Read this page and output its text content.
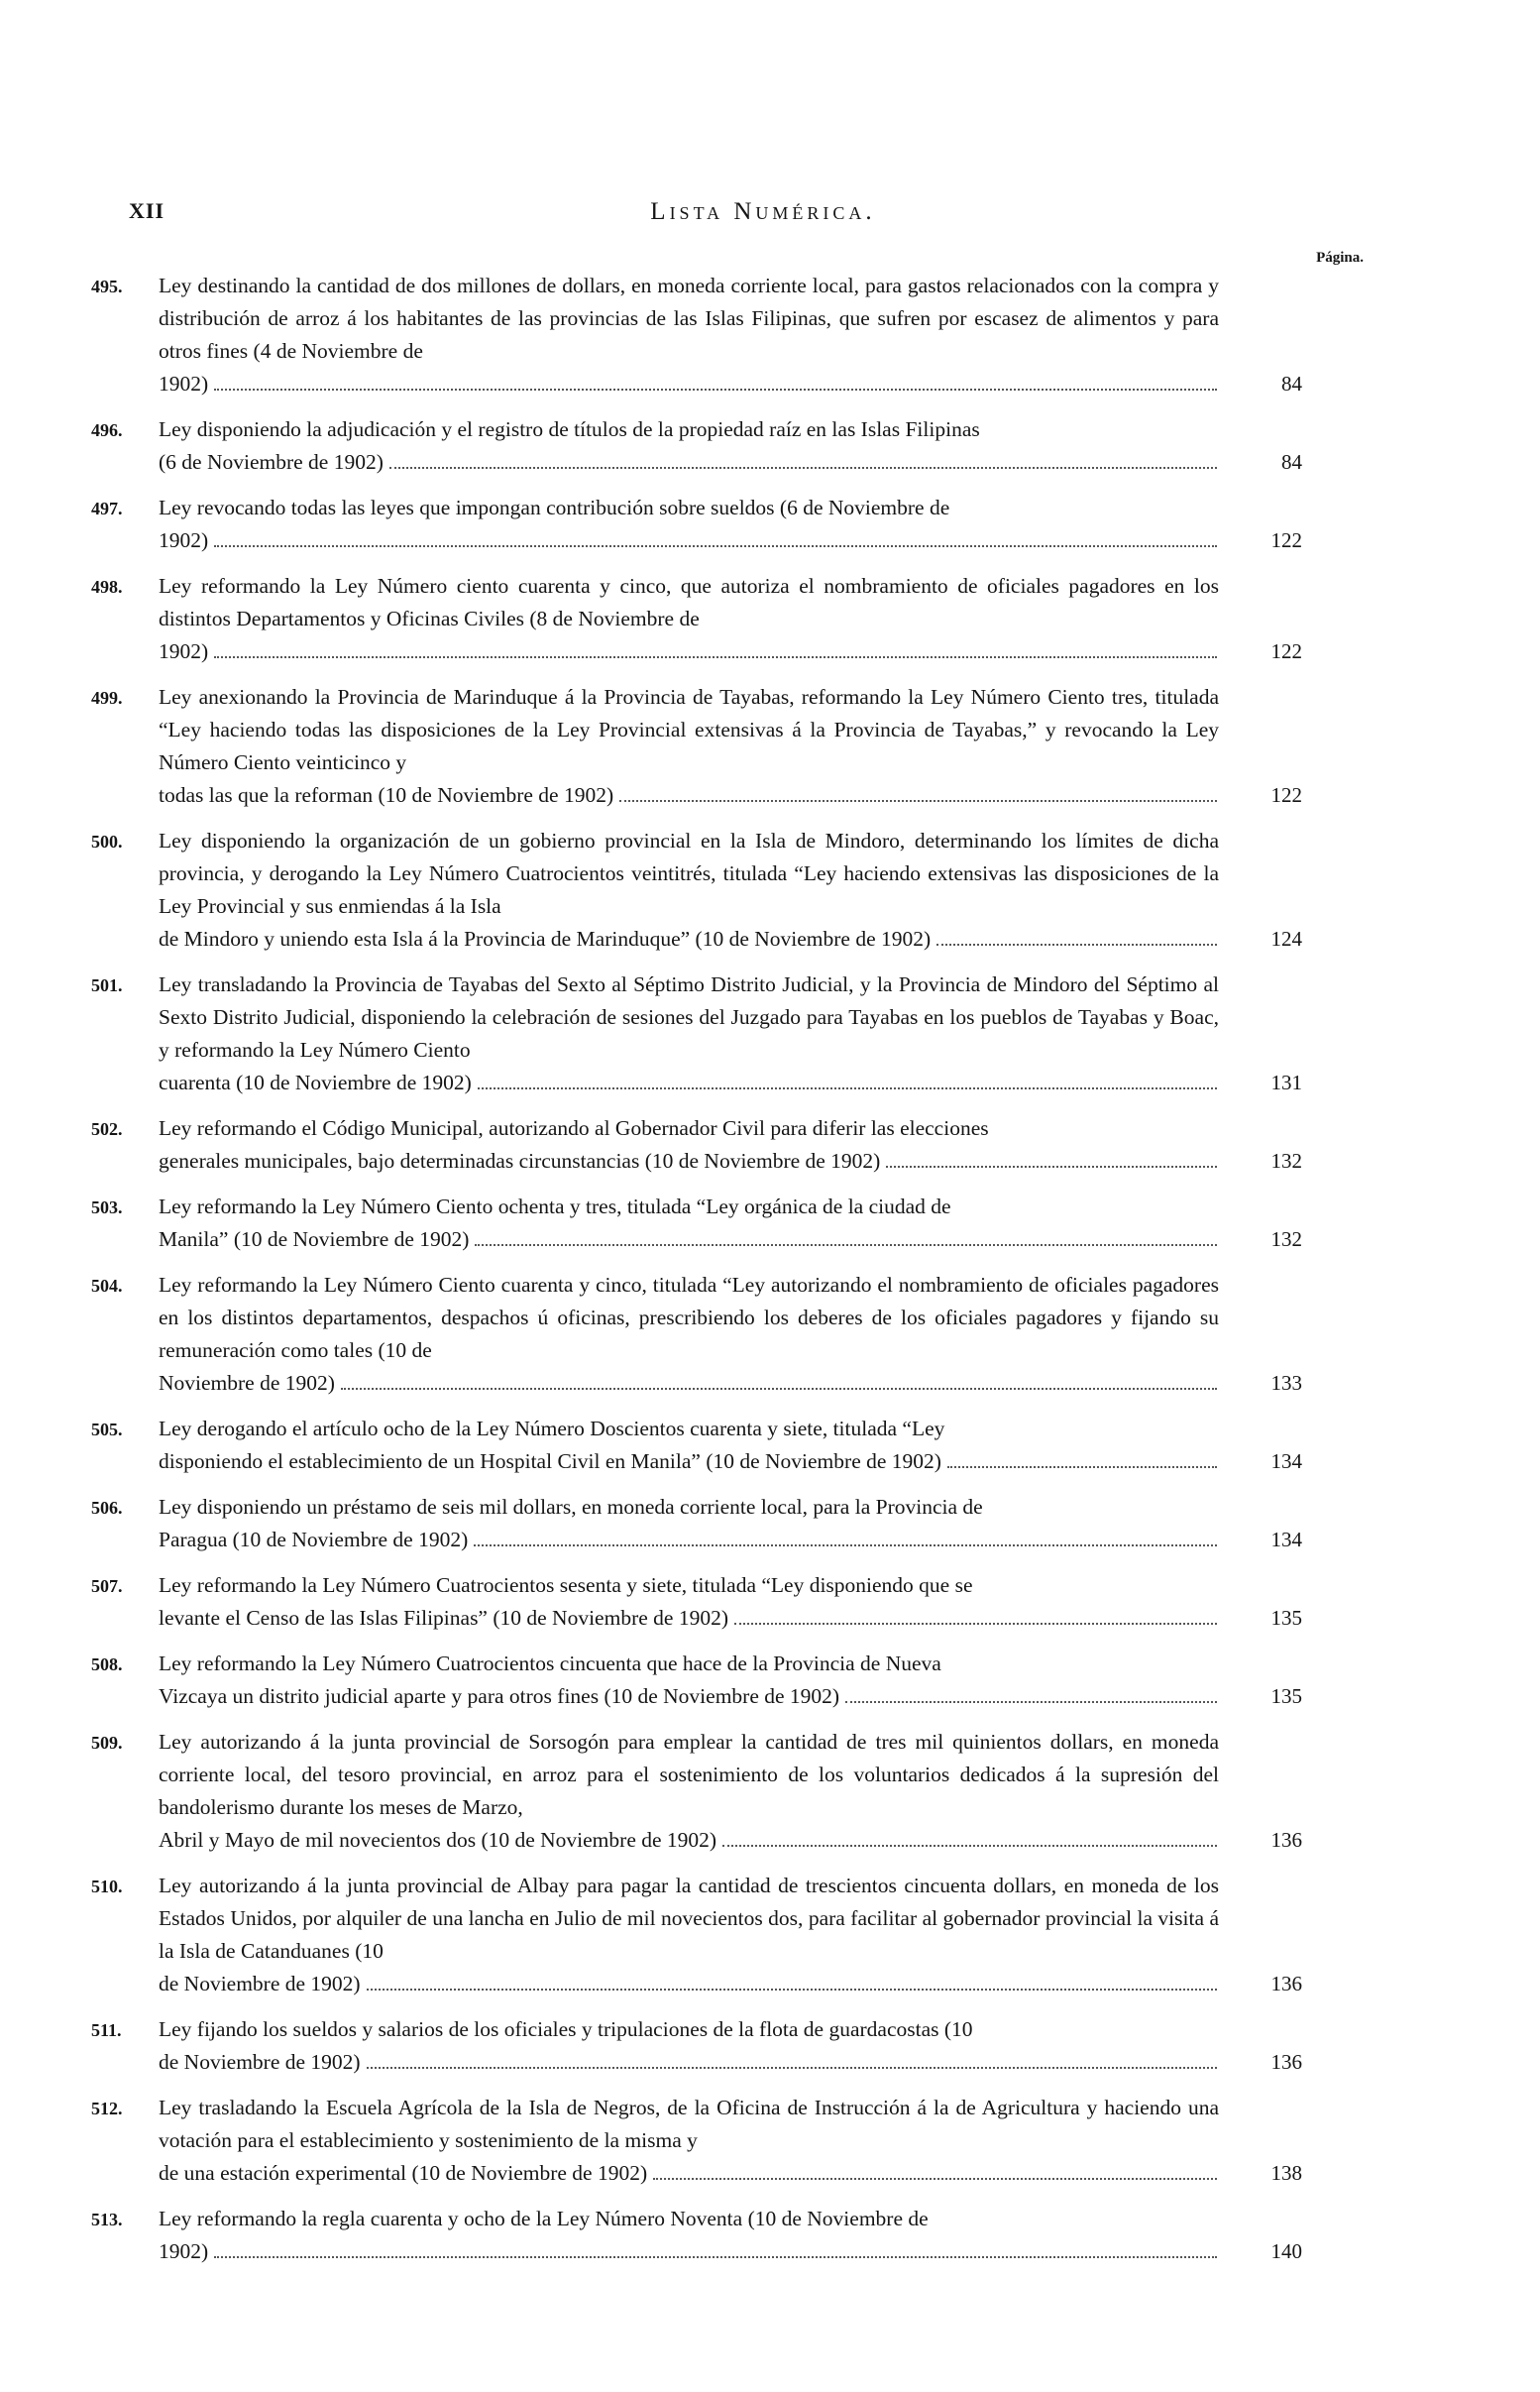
XII	Lista Numérica.
Página.
495.	Ley destinando la cantidad de dos millones de dollars, en moneda corriente local, para gastos relacionados con la compra y distribución de arroz á los habitantes de las provincias de las Islas Filipinas, que sufren por escasez de alimentos y para otros fines (4 de Noviembre de
1902)	84
496.	Ley disponiendo la adjudicación y el registro de títulos de la propiedad raíz en las Islas Filipinas
(6 de Noviembre de 1902)	84
497.	Ley revocando todas las leyes que impongan contribución sobre sueldos (6 de Noviembre de
1902)	122
498.	Ley reformando la Ley Número ciento cuarenta y cinco, que autoriza el nombramiento de oficiales pagadores en los distintos Departamentos y Oficinas Civiles (8 de Noviembre de
1902)	122
499.	Ley anexionando la Provincia de Marinduque á la Provincia de Tayabas, reformando la Ley Número Ciento tres, titulada “Ley haciendo todas las disposiciones de la Ley Provincial extensivas á la Provincia de Tayabas,” y revocando la Ley Número Ciento veinticinco y
todas las que la reforman (10 de Noviembre de 1902)	122
500.	Ley disponiendo la organización de un gobierno provincial en la Isla de Mindoro, determinando los límites de dicha provincia, y derogando la Ley Número Cuatrocientos veintitrés, titulada “Ley haciendo extensivas las disposiciones de la Ley Provincial y sus enmiendas á la Isla
de Mindoro y uniendo esta Isla á la Provincia de Marinduque” (10 de Noviembre de 1902)	124
501.	Ley transladando la Provincia de Tayabas del Sexto al Séptimo Distrito Judicial, y la Provincia de Mindoro del Séptimo al Sexto Distrito Judicial, disponiendo la celebración de sesiones del Juzgado para Tayabas en los pueblos de Tayabas y Boac, y reformando la Ley Número Ciento
cuarenta (10 de Noviembre de 1902)	131
502.	Ley reformando el Código Municipal, autorizando al Gobernador Civil para diferir las elecciones
generales municipales, bajo determinadas circunstancias (10 de Noviembre de 1902)	132
503.	Ley reformando la Ley Número Ciento ochenta y tres, titulada “Ley orgánica de la ciudad de
Manila” (10 de Noviembre de 1902)	132
504.	Ley reformando la Ley Número Ciento cuarenta y cinco, titulada “Ley autorizando el nombramiento de oficiales pagadores en los distintos departamentos, despachos ú oficinas, prescribiendo los deberes de los oficiales pagadores y fijando su remuneración como tales (10 de
Noviembre de 1902)	133
505.	Ley derogando el artículo ocho de la Ley Número Doscientos cuarenta y siete, titulada “Ley
disponiendo el establecimiento de un Hospital Civil en Manila” (10 de Noviembre de 1902)	134
506.	Ley disponiendo un préstamo de seis mil dollars, en moneda corriente local, para la Provincia de
Paragua (10 de Noviembre de 1902)	134
507.	Ley reformando la Ley Número Cuatrocientos sesenta y siete, titulada “Ley disponiendo que se
levante el Censo de las Islas Filipinas” (10 de Noviembre de 1902)	135
508.	Ley reformando la Ley Número Cuatrocientos cincuenta que hace de la Provincia de Nueva
Vizcaya un distrito judicial aparte y para otros fines (10 de Noviembre de 1902)	135
509.	Ley autorizando á la junta provincial de Sorsogón para emplear la cantidad de tres mil quinientos dollars, en moneda corriente local, del tesoro provincial, en arroz para el sostenimiento de los voluntarios dedicados á la supresión del bandolerismo durante los meses de Marzo,
Abril y Mayo de mil novecientos dos (10 de Noviembre de 1902)	136
510.	Ley autorizando á la junta provincial de Albay para pagar la cantidad de trescientos cincuenta dollars, en moneda de los Estados Unidos, por alquiler de una lancha en Julio de mil novecientos dos, para facilitar al gobernador provincial la visita á la Isla de Catanduanes (10
de Noviembre de 1902)	136
511.	Ley fijando los sueldos y salarios de los oficiales y tripulaciones de la flota de guardacostas (10
de Noviembre de 1902)	136
512.	Ley trasladando la Escuela Agrícola de la Isla de Negros, de la Oficina de Instrucción á la de Agricultura y haciendo una votación para el establecimiento y sostenimiento de la misma y
de una estación experimental (10 de Noviembre de 1902)	138
513.	Ley reformando la regla cuarenta y ocho de la Ley Número Noventa (10 de Noviembre de
1902)	140
